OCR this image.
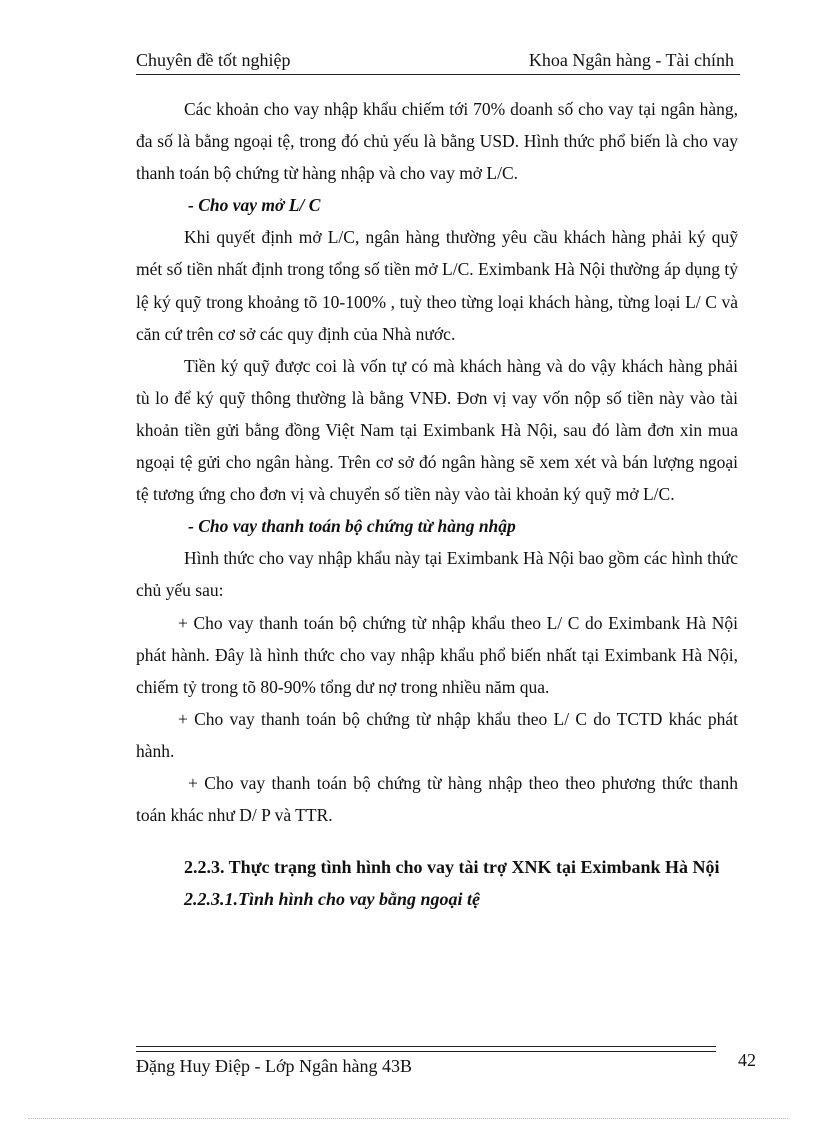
Chuyên đề tốt nghiệp	Khoa Ngân hàng - Tài chính

Các khoản cho vay nhập khẩu chiếm tới 70% doanh số cho vay tại ngân hàng, đa số là bằng ngoại tệ, trong đó chủ yếu là bằng USD. Hình thức phổ biến là cho vay thanh toán bộ chứng từ hàng nhập và cho vay mở L/C.

- Cho vay mở L/ C

Khi quyết định mở L/C, ngân hàng thường yêu cầu khách hàng phải ký quỹ mét số tiền nhất định trong tổng số tiền mở L/C. Eximbank Hà Nội thường áp dụng tỷ lệ ký quỹ trong khoảng tõ 10-100% , tuỳ theo từng loại khách hàng, từng loại L/ C và căn cứ trên cơ sở các quy định của Nhà nước.

Tiền ký quỹ được coi là vốn tự có mà khách hàng và do vậy khách hàng phải tù lo để ký quỹ thông thường là bằng VNĐ. Đơn vị vay vốn nộp số tiền này vào tài khoản tiền gửi bằng đồng Việt Nam tại Eximbank Hà Nội, sau đó làm đơn xin mua ngoại tệ gửi cho ngân hàng. Trên cơ sở đó ngân hàng sẽ xem xét và bán lượng ngoại tệ tương ứng cho đơn vị và chuyển số tiền này vào tài khoản ký quỹ mở L/C.

- Cho vay thanh toán bộ chứng từ hàng nhập

Hình thức cho vay nhập khẩu này tại Eximbank Hà Nội bao gồm các hình thức chủ yếu sau:

+ Cho vay thanh toán bộ chứng từ nhập khẩu theo L/ C do Eximbank Hà Nội phát hành. Đây là hình thức cho vay nhập khẩu phổ biến nhất tại Eximbank Hà Nội, chiếm tỷ trong tõ 80-90% tổng dư nợ trong nhiều năm qua.

+ Cho vay thanh toán bộ chứng từ nhập khẩu theo L/ C do TCTD khác phát hành.

+ Cho vay thanh toán bộ chứng từ hàng nhập theo theo phương thức thanh toán khác như D/ P và TTR.

2.2.3. Thực trạng tình hình cho vay tài trợ XNK tại Eximbank Hà Nội

2.2.3.1.Tình hình cho vay bằng ngoại tệ

Đặng Huy Điệp - Lớp Ngân hàng 43B	42
